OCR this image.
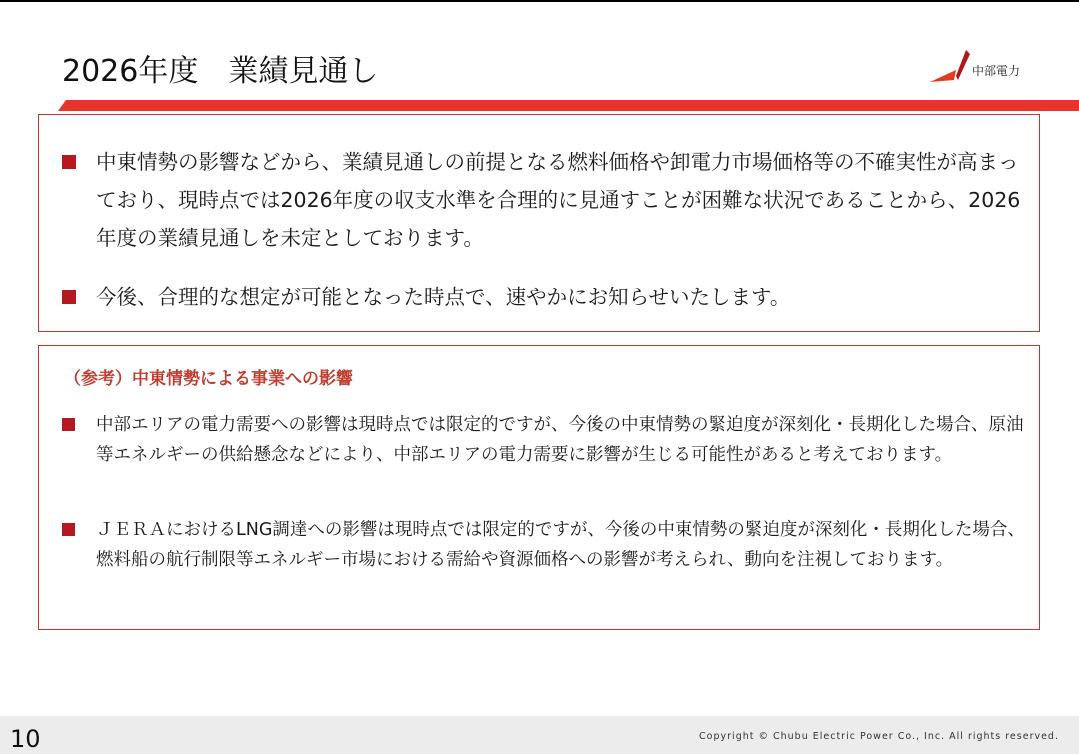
2026年度　業績見通し	中部電力
中東情勢の影響などから、業績見通しの前提となる燃料価格や卸電力市場価格等の不確実性が高まっており、現時点では2026年度の収支水準を合理的に見通すことが困難な状況であることから、2026年度の業績見通しを未定としております。
今後、合理的な想定が可能となった時点で、速やかにお知らせいたします。
（参考）中東情勢による事業への影響
中部エリアの電力需要への影響は現時点では限定的ですが、今後の中東情勢の緊迫度が深刻化・長期化した場合、原油等エネルギーの供給懸念などにより、中部エリアの電力需要に影響が生じる可能性があると考えております。
ＪＥＲＡにおけるLNG調達への影響は現時点では限定的ですが、今後の中東情勢の緊迫度が深刻化・長期化した場合、燃料船の航行制限等エネルギー市場における需給や資源価格への影響が考えられ、動向を注視しております。
10	Copyright © Chubu Electric Power Co., Inc. All rights reserved.
